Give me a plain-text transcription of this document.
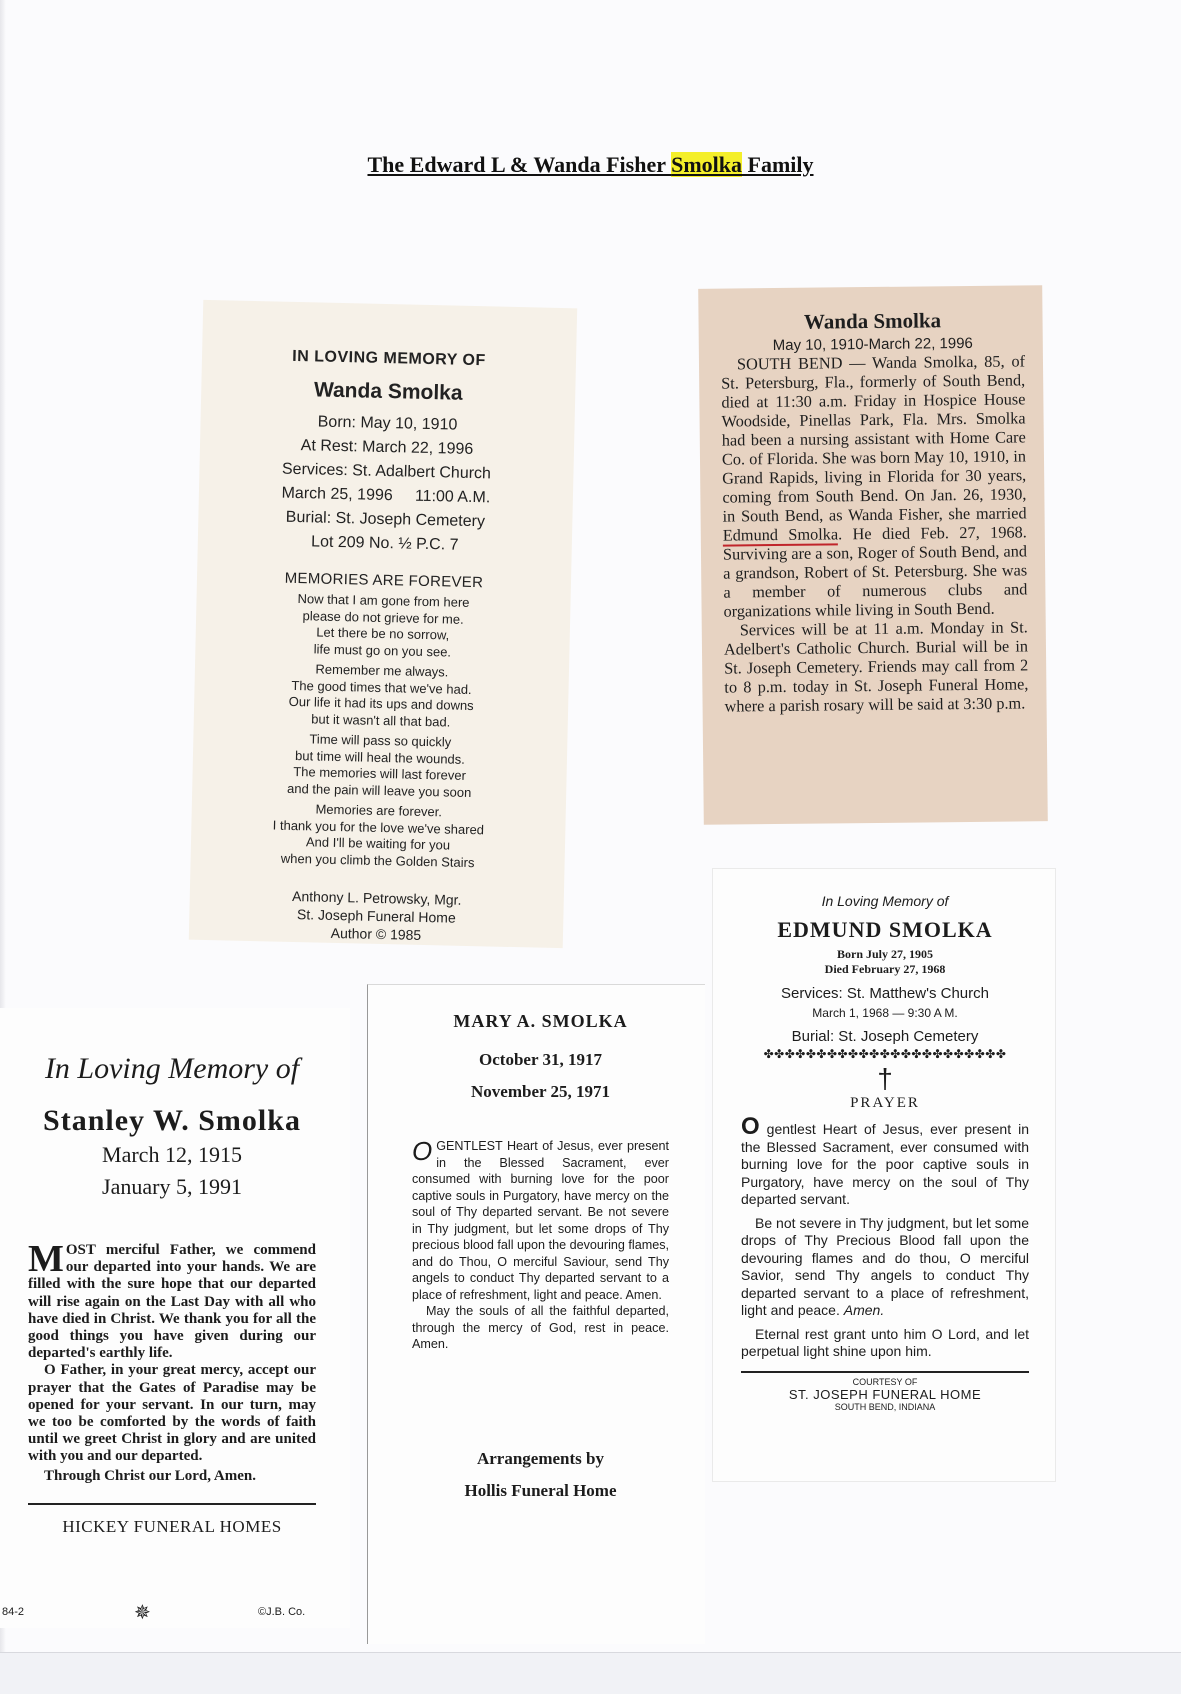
The Edward L & Wanda Fisher Smolka Family
IN LOVING MEMORY OF
Wanda Smolka
Born: May 10, 1910
At Rest: March 22, 1996
Services: St. Adalbert Church
March 25, 1996     11:00 A.M.
Burial: St. Joseph Cemetery
Lot 209 No. ½ P.C. 7
MEMORIES ARE FOREVER
Now that I am gone from here
please do not grieve for me.
Let there be no sorrow,
life must go on you see.
Remember me always.
The good times that we've had.
Our life it had its ups and downs
but it wasn't all that bad.
Time will pass so quickly
but time will heal the wounds.
The memories will last forever
and the pain will leave you soon
Memories are forever.
I thank you for the love we've shared
And I'll be waiting for you
when you climb the Golden Stairs
Anthony L. Petrowsky, Mgr.
St. Joseph Funeral Home
Author © 1985
Wanda Smolka
May 10, 1910-March 22, 1996

SOUTH BEND — Wanda Smolka, 85, of St. Petersburg, Fla., formerly of South Bend, died at 11:30 a.m. Friday in Hospice House Woodside, Pinellas Park, Fla. Mrs. Smolka had been a nursing assistant with Home Care Co. of Florida. She was born May 10, 1910, in Grand Rapids, living in Florida for 30 years, coming from South Bend. On Jan. 26, 1930, in South Bend, as Wanda Fisher, she married Edmund Smolka. He died Feb. 27, 1968. Surviving are a son, Roger of South Bend, and a grandson, Robert of St. Petersburg. She was a member of numerous clubs and organizations while living in South Bend.

Services will be at 11 a.m. Monday in St. Adelbert's Catholic Church. Burial will be in St. Joseph Cemetery. Friends may call from 2 to 8 p.m. today in St. Joseph Funeral Home, where a parish rosary will be said at 3:30 p.m.

In Loving Memory of
EDMUND SMOLKA
Born July 27, 1905
Died February 27, 1968
Services: St. Matthew's Church
March 1, 1968 — 9:30 A M.
Burial: St. Joseph Cemetery
✤✤✤✤✤✤✤✤✤✤✤✤✤✤✤✤✤✤✤✤✤✤✤
†
PRAYER

O gentlest Heart of Jesus, ever present in the Blessed Sacrament, ever consumed with burning love for the poor captive souls in Purgatory, have mercy on the soul of Thy departed servant.

Be not severe in Thy judgment, but let some drops of Thy Precious Blood fall upon the devouring flames and do thou, O merciful Savior, send Thy angels to conduct Thy departed servant to a place of refreshment, light and peace. Amen.

Eternal rest grant unto him O Lord, and let perpetual light shine upon him.

COURTESY OF
ST. JOSEPH FUNERAL HOME
SOUTH BEND, INDIANA
MARY A. SMOLKA
October 31, 1917
November 25, 1971

O GENTLEST Heart of Jesus, ever present in the Blessed Sacrament, ever consumed with burning love for the poor captive souls in Purgatory, have mercy on the soul of Thy departed servant. Be not severe in Thy judgment, but let some drops of Thy precious blood fall upon the devouring flames, and do Thou, O merciful Saviour, send Thy angels to conduct Thy departed servant to a place of refreshment, light and peace. Amen.

May the souls of all the faithful departed, through the mercy of God, rest in peace. Amen.

Arrangements by
Hollis Funeral Home
In Loving Memory of
Stanley W. Smolka
March 12, 1915
January 5, 1991

MOST merciful Father, we commend our departed into your hands. We are filled with the sure hope that our departed will rise again on the Last Day with all who have died in Christ. We thank you for all the good things you have given during our departed's earthly life.

O Father, in your great mercy, accept our prayer that the Gates of Paradise may be opened for your servant. In our turn, may we too be comforted by the words of faith until we greet Christ in glory and are united with you and our departed.

Through Christ our Lord, Amen.
HICKEY FUNERAL HOMES
84-2	✵	©J.B. Co.
